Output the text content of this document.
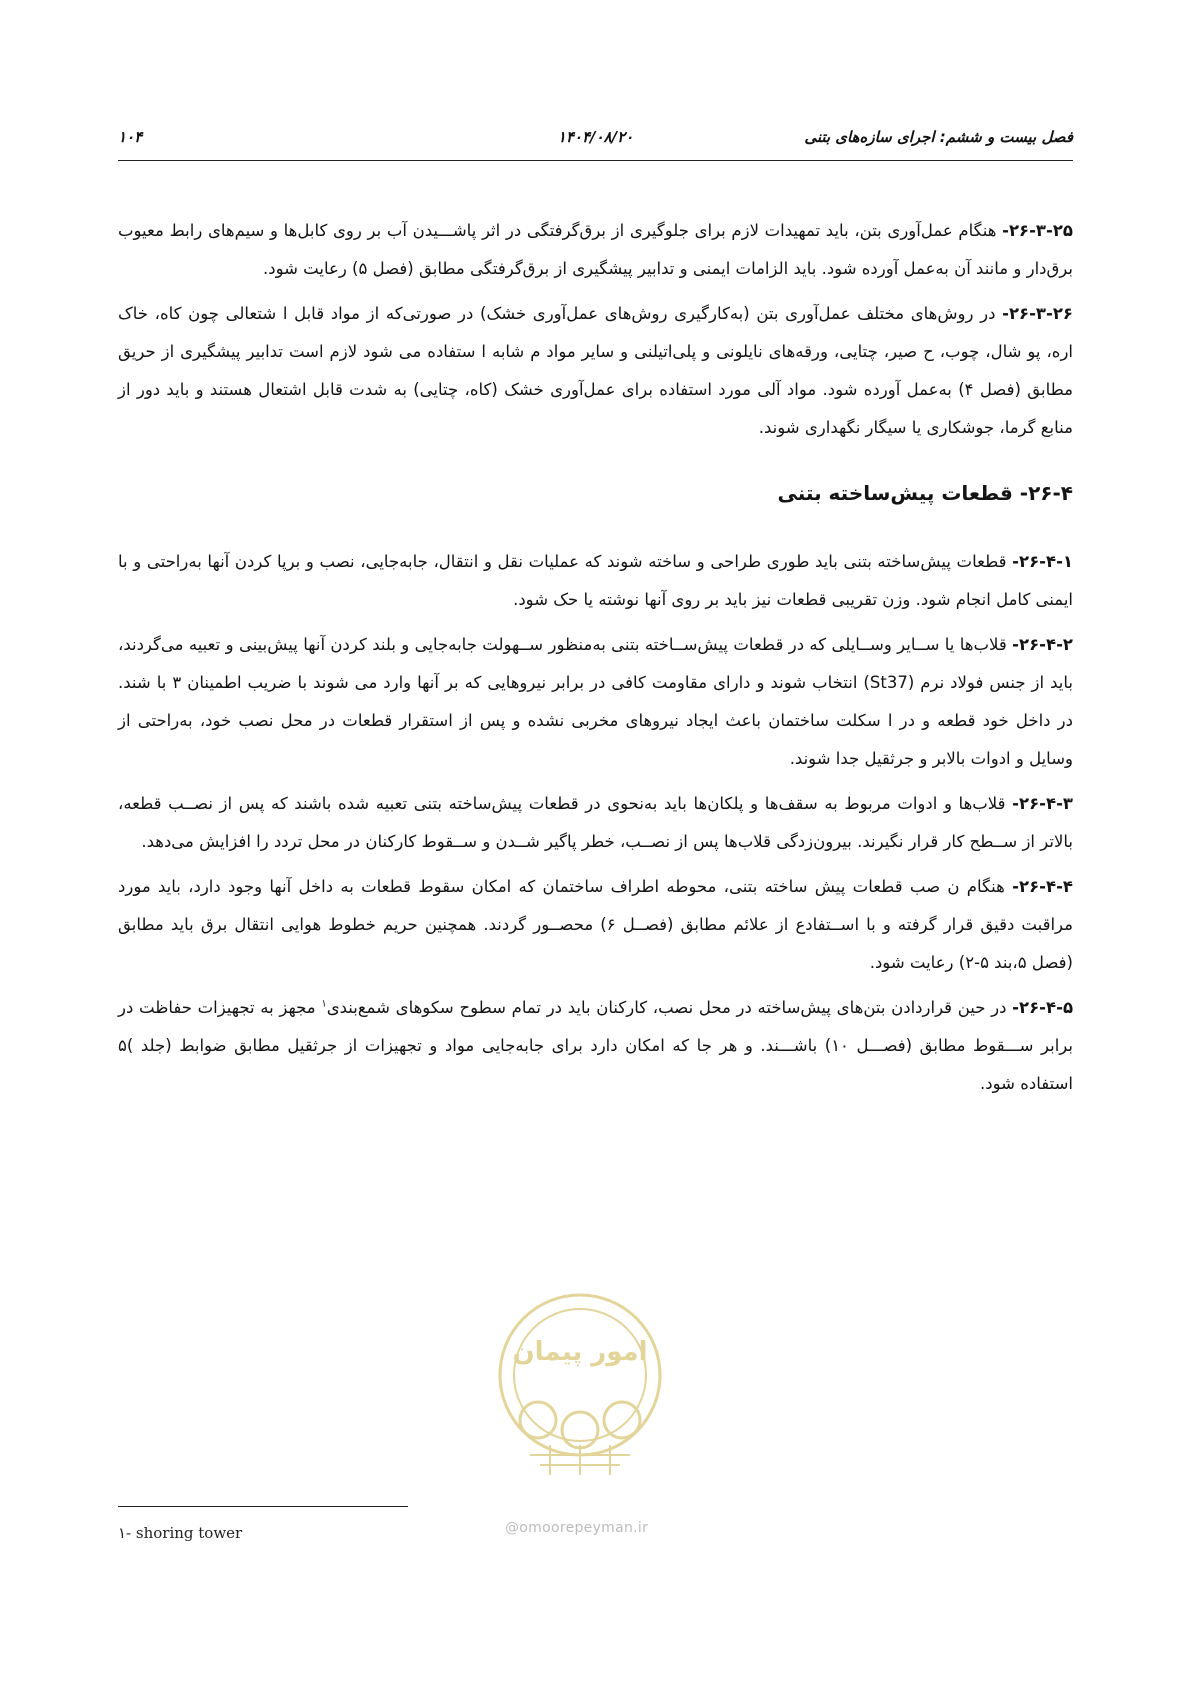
فصل بیست و ششم: اجرای سازه‌های بتنی
۱۴۰۴/۰۸/۲۰
۱۰۴

۲۶-۳-۲۵- هنگام عمل‌آوری بتن، باید تمهیدات لازم برای جلوگیری از برق‌گرفتگی در اثر پاشـــیدن آب بر روی کابل‌ها و سیم‌های رابط معیوب برق‌دار و مانند آن به‌عمل آورده شود. باید الزامات ایمنی و تدابیر پیشگیری از برق‌گرفتگی مطابق (فصل ۵) رعایت شود.

۲۶-۳-۲۶- در روش‌های مختلف عمل‌آوری بتن (به‌کارگیری روش‌های عمل‌آوری خشک) در صورتی‌که از مواد قابل ا شتعالی چون کاه، خاک اره، پو شال، چوب، ح صیر، چتایی، ورقه‌های نایلونی و پلی‌اتیلنی و سایر مواد م شابه ا ستفاده می شود لازم است تدابیر پیشگیری از حریق مطابق (فصل ۴) به‌عمل آورده شود. مواد آلی مورد استفاده برای عمل‌آوری خشک (کاه، چتایی) به شدت قابل اشتعال هستند و باید دور از منابع گرما، جوشکاری یا سیگار نگهداری شوند.

۲۶-۴- قطعات پیش‌ساخته بتنی

۲۶-۴-۱- قطعات پیش‌ساخته بتنی باید طوری طراحی و ساخته شوند که عملیات نقل و انتقال، جابه‌جایی، نصب و برپا کردن آنها به‌راحتی و با ایمنی کامل انجام شود. وزن تقریبی قطعات نیز باید بر روی آنها نوشته یا حک شود.

۲۶-۴-۲- قلاب‌ها یا ســایر وســایلی که در قطعات پیش‌ســاخته بتنی به‌منظور ســهولت جابه‌جایی و بلند کردن آنها پیش‌بینی و تعبیه می‌گردند، باید از جنس فولاد نرم (St37) انتخاب شوند و دارای مقاومت کافی در برابر نیروهایی که بر آنها وارد می شوند با ضریب اطمینان ۳ با شند. در داخل خود قطعه و در ا سکلت ساختمان باعث ایجاد نیروهای مخربی نشده و پس از استقرار قطعات در محل نصب خود، به‌راحتی از وسایل و ادوات بالابر و جرثقیل جدا شوند.

۲۶-۴-۳- قلاب‌ها و ادوات مربوط به سقف‌ها و پلکان‌ها باید به‌نحوی در قطعات پیش‌ساخته بتنی تعبیه شده باشند که پس از نصــب قطعه، بالاتر از ســطح کار قرار نگیرند. بیرون‌زدگی قلاب‌ها پس از نصــب، خطر پاگیر شــدن و ســقوط کارکنان در محل تردد را افزایش می‌دهد.

۲۶-۴-۴- هنگام ن صب قطعات پیش ساخته بتنی، محوطه اطراف ساختمان که امکان سقوط قطعات به داخل آنها وجود دارد، باید مورد مراقبت دقیق قرار گرفته و با اســتفادع از علائم مطابق (فصــل ۶) محصــور گردند. همچنین حریم خطوط هوایی انتقال برق باید مطابق (فصل ۵،بند ۵-۲) رعایت شود.

۲۶-۴-۵- در حین قراردادن بتن‌های پیش‌ساخته در محل نصب، کارکنان باید در تمام سطوح سکوهای شمع‌بندی$^۱$ مجهز به تجهیزات حفاظت در برابر ســـقوط مطابق (فصـــل ۱۰) باشـــند. و هر جا که امکان دارد برای جابه‌جایی مواد و تجهیزات از جرثقیل مطابق ضوابط (جلد )۵ استفاده شود.

امور پیمان
@omoorepeyman.ir
۱- shoring tower
